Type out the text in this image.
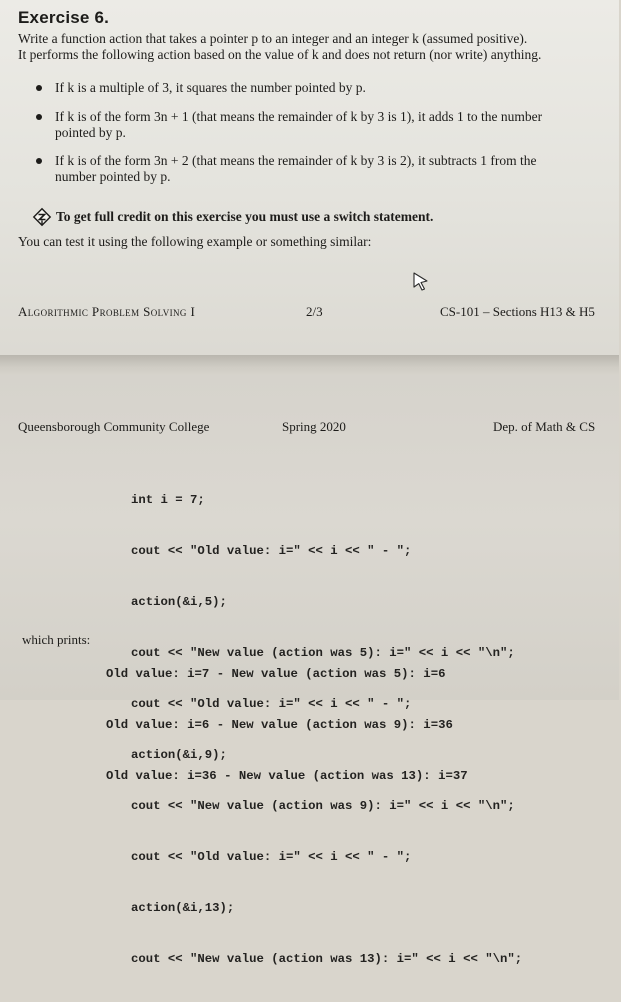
Exercise 6.
Write a function action that takes a pointer p to an integer and an integer k (assumed positive).
It performs the following action based on the value of k and does not return (nor write) anything.
If k is a multiple of 3, it squares the number pointed by p.
If k is of the form 3n + 1 (that means the remainder of k by 3 is 1), it adds 1 to the number
pointed by p.
If k is of the form 3n + 2 (that means the remainder of k by 3 is 2), it subtracts 1 from the
number pointed by p.
To get full credit on this exercise you must use a switch statement.
You can test it using the following example or something similar:
Algorithmic Problem Solving I	2/3	CS-101 – Sections H13 & H5
Queensborough Community College	Spring 2020	Dep. of Math & CS

int i = 7;

cout << "Old value: i=" << i << " - ";

action(&i,5);

cout << "New value (action was 5): i=" << i << "\n";

cout << "Old value: i=" << i << " - ";

action(&i,9);

cout << "New value (action was 9): i=" << i << "\n";

cout << "Old value: i=" << i << " - ";

action(&i,13);

cout << "New value (action was 13): i=" << i << "\n";

which prints:

Old value: i=7 - New value (action was 5): i=6

Old value: i=6 - New value (action was 9): i=36

Old value: i=36 - New value (action was 13): i=37
